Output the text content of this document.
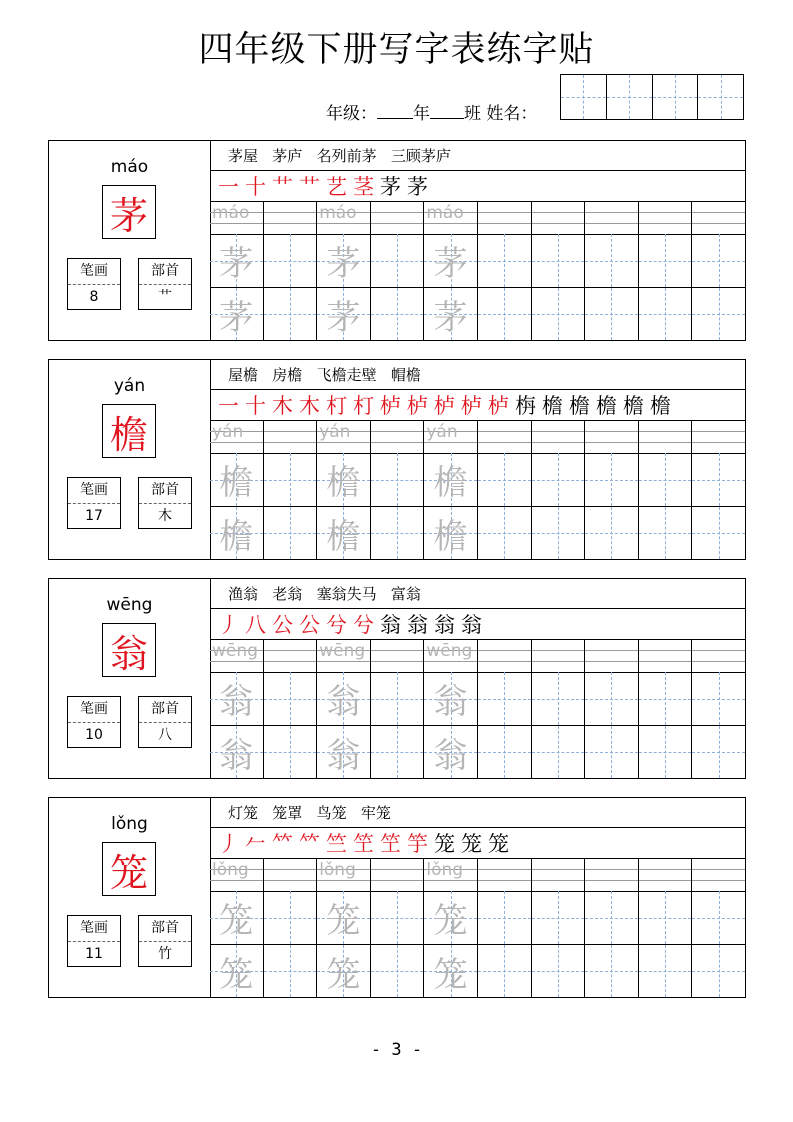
四年级下册写字表练字贴
年级： 年 班 姓名：
máo
茅
笔画
8
部首
艹
茅屋   茅庐   名列前茅   三顾茅庐
一 十 艹 艹 艺 茎 茅 茅
máo	máo	máo
茅 茅 茅
茅 茅 茅
yán
檐
笔画
17
部首
木
屋檐   房檐   飞檐走壁   帽檐
一 十 木 木 朾 朾 栌 栌 栌 栌 栌 栴 檐 檐 檐 檐 檐
yán	yán	yán
檐 檐 檐
檐 檐 檐
wēng
翁
笔画
10
部首
八
渔翁   老翁   塞翁失马   富翁
丿 八 公 公 兮 兮 翁 翁 翁 翁
wēng	wēng	wēng
翁 翁 翁
翁 翁 翁
lǒng
笼
笔画
11
部首
竹
灯笼   笼罩   鸟笼   牢笼
丿 𠂉 𥫗 𥫗 竺 笁 笁 竽 笼 笼 笼
lǒng	lǒng	lǒng
笼 笼 笼
笼 笼 笼
- 3 -
